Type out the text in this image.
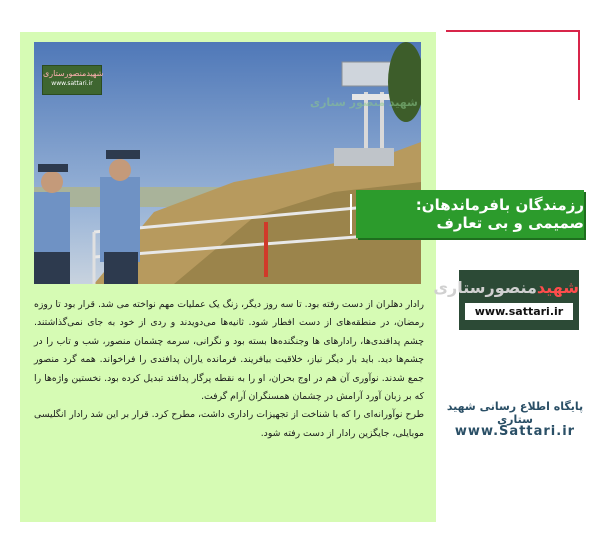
شهیدمنصورستاری
www.sattari.ir
شهید منصور ستاری
رزمندگان بافرماندهان: صمیمی و بی تعارف
شهیدمنصورستاری
www.sattari.ir
پایگاه اطلاع رسانی شهید ستاری
www.Sattari.ir

رادار دهلران از دست رفته بود. تا سه روز دیگر، زنگ یک عملیات مهم نواخته می شد. قرار بود تا روزه رمضان، در منطقه‌های از دست افطار شود. ثانیه‌ها می‌دویدند و ردی از خود به جای نمی‌گذاشتند. چشم پدافندی‌ها، رادارهای ها وجنگنده‌ها بسته بود و نگرانی، سرمه چشمان منصور، شب و تاب را در چشم‌ها دید. باید بار دیگر نیاز، خلاقیت بیافریند. فرمانده یاران پدافندی را فراخواند. همه گرد منصور جمع شدند. نوآوری آن هم در اوج بحران، او را به نقطه پرگار پدافند تبدیل کرده بود. نخستین واژه‌ها را که بر زبان آورد آرامش در چشمان همسنگران آرام گرفت.

طرح نوآورانه‌ای را که با شناخت از تجهیزات راداری داشت، مطرح کرد. قرار بر این شد رادار انگلیسی موبایلی، جایگزین رادار از دست رفته شود.
